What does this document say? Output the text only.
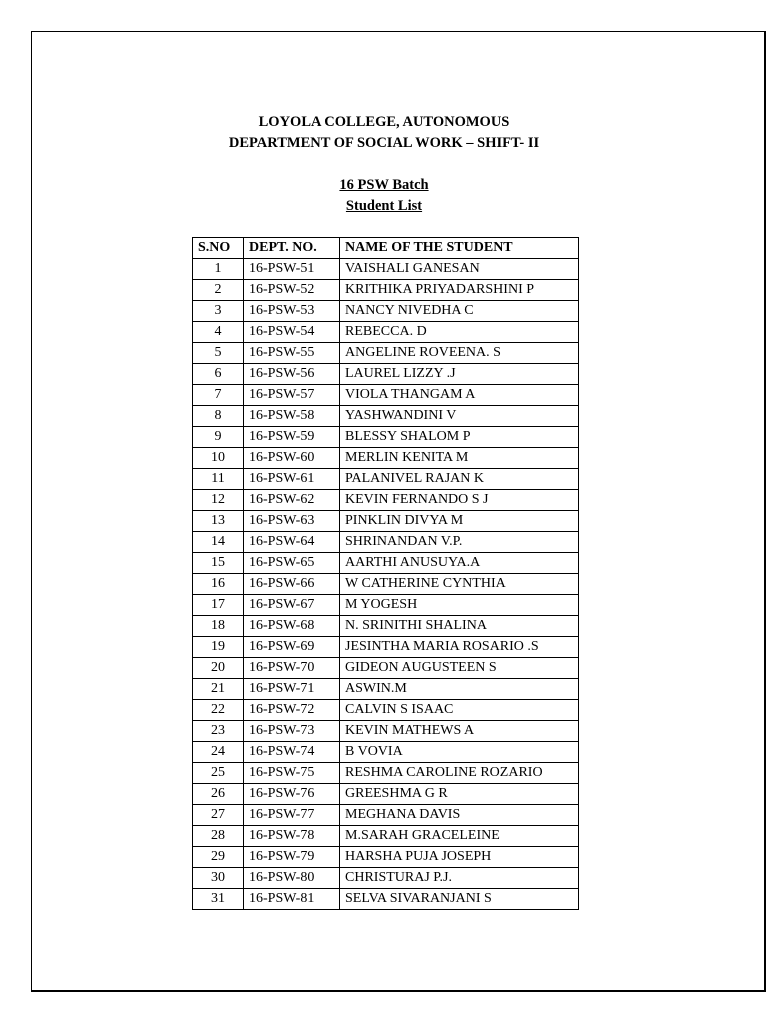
LOYOLA COLLEGE, AUTONOMOUS
DEPARTMENT OF SOCIAL WORK – SHIFT- II
16 PSW Batch
Student List
S.NO	DEPT. NO.	NAME OF THE STUDENT
1	16-PSW-51	VAISHALI GANESAN
2	16-PSW-52	KRITHIKA PRIYADARSHINI P
3	16-PSW-53	NANCY NIVEDHA C
4	16-PSW-54	REBECCA. D
5	16-PSW-55	ANGELINE ROVEENA. S
6	16-PSW-56	LAUREL LIZZY .J
7	16-PSW-57	VIOLA THANGAM A
8	16-PSW-58	YASHWANDINI V
9	16-PSW-59	BLESSY SHALOM P
10	16-PSW-60	MERLIN KENITA M
11	16-PSW-61	PALANIVEL RAJAN K
12	16-PSW-62	KEVIN FERNANDO S J
13	16-PSW-63	PINKLIN DIVYA M
14	16-PSW-64	SHRINANDAN V.P.
15	16-PSW-65	AARTHI ANUSUYA.A
16	16-PSW-66	W CATHERINE CYNTHIA
17	16-PSW-67	M YOGESH
18	16-PSW-68	N. SRINITHI SHALINA
19	16-PSW-69	JESINTHA MARIA ROSARIO .S
20	16-PSW-70	GIDEON AUGUSTEEN S
21	16-PSW-71	ASWIN.M
22	16-PSW-72	CALVIN S ISAAC
23	16-PSW-73	KEVIN MATHEWS A
24	16-PSW-74	B VOVIA
25	16-PSW-75	RESHMA CAROLINE ROZARIO
26	16-PSW-76	GREESHMA G R
27	16-PSW-77	MEGHANA DAVIS
28	16-PSW-78	M.SARAH GRACELEINE
29	16-PSW-79	HARSHA PUJA JOSEPH
30	16-PSW-80	CHRISTURAJ P.J.
31	16-PSW-81	SELVA SIVARANJANI S
